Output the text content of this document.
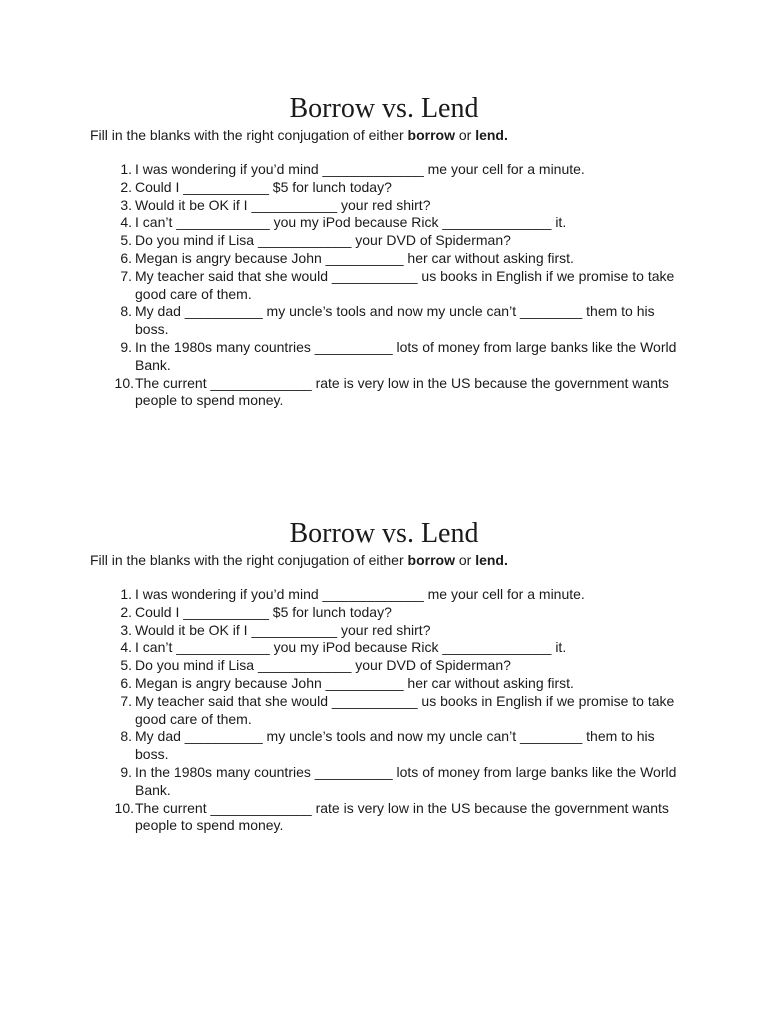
Borrow vs. Lend
Fill in the blanks with the right conjugation of either borrow or lend.
1. I was wondering if you’d mind _____________ me your cell for a minute.
2. Could I ___________ $5 for lunch today?
3. Would it be OK if I ___________ your red shirt?
4. I can’t ____________ you my iPod because Rick ______________ it.
5. Do you mind if Lisa ____________ your DVD of Spiderman?
6. Megan is angry because John __________ her car without asking first.
7. My teacher said that she would ___________ us books in English if we promise to take good care of them.
8. My dad __________ my uncle’s tools and now my uncle can’t ________ them to his boss.
9. In the 1980s many countries __________ lots of money from large banks like the World Bank.
10. The current _____________ rate is very low in the US because the government wants people to spend money.
Borrow vs. Lend
Fill in the blanks with the right conjugation of either borrow or lend.
1. I was wondering if you’d mind _____________ me your cell for a minute.
2. Could I ___________ $5 for lunch today?
3. Would it be OK if I ___________ your red shirt?
4. I can’t ____________ you my iPod because Rick ______________ it.
5. Do you mind if Lisa ____________ your DVD of Spiderman?
6. Megan is angry because John __________ her car without asking first.
7. My teacher said that she would ___________ us books in English if we promise to take good care of them.
8. My dad __________ my uncle’s tools and now my uncle can’t ________ them to his boss.
9. In the 1980s many countries __________ lots of money from large banks like the World Bank.
10. The current _____________ rate is very low in the US because the government wants people to spend money.
